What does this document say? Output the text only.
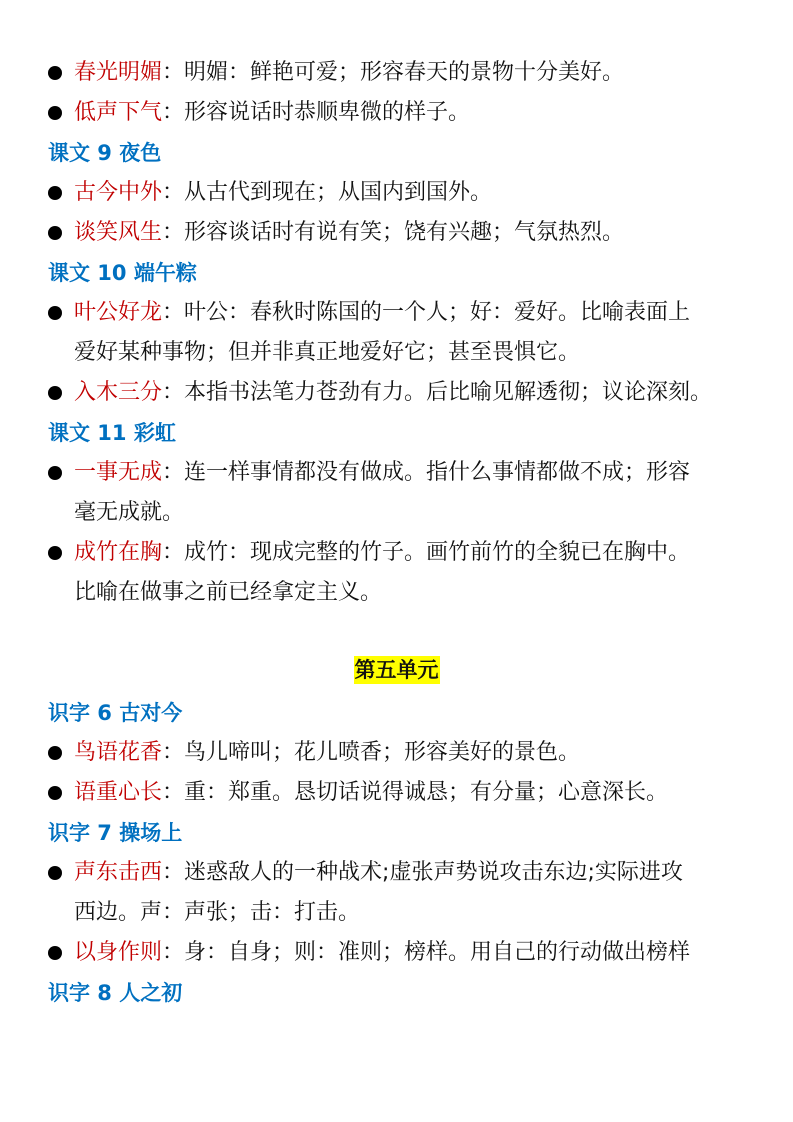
春光明媚：明媚：鲜艳可爱；形容春天的景物十分美好。
低声下气：形容说话时恭顺卑微的样子。
课文 9 夜色
古今中外：从古代到现在；从国内到国外。
谈笑风生：形容谈话时有说有笑；饶有兴趣；气氛热烈。
课文 10 端午粽
叶公好龙：叶公：春秋时陈国的一个人；好：爱好。比喻表面上
爱好某种事物；但并非真正地爱好它；甚至畏惧它。
入木三分：本指书法笔力苍劲有力。后比喻见解透彻；议论深刻。
课文 11 彩虹
一事无成：连一样事情都没有做成。指什么事情都做不成；形容
毫无成就。
成竹在胸：成竹：现成完整的竹子。画竹前竹的全貌已在胸中。
比喻在做事之前已经拿定主义。
第五单元
识字 6 古对今
鸟语花香：鸟儿啼叫；花儿喷香；形容美好的景色。
语重心长：重：郑重。恳切话说得诚恳；有分量；心意深长。
识字 7 操场上
声东击西：迷惑敌人的一种战术;虚张声势说攻击东边;实际进攻
西边。声：声张；击：打击。
以身作则：身：自身；则：准则；榜样。用自己的行动做出榜样
识字 8 人之初
